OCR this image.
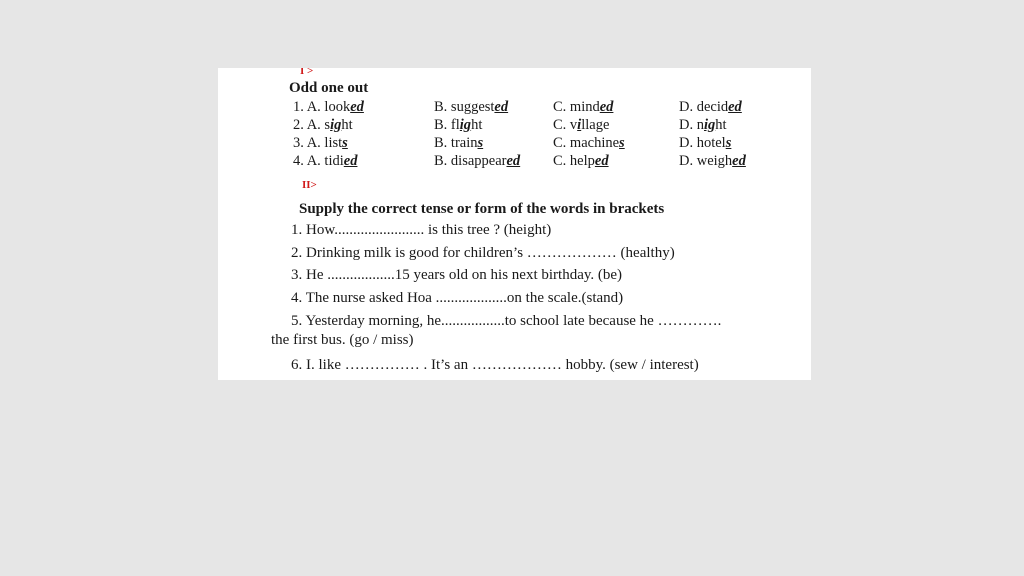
I >
Odd one out
1. A. looked	B. suggested	C. minded	D. decided
2. A. sight	B. flight	C. village	D. night
3. A. lists	B. trains	C. machines	D. hotels
4. A. tidied	B. disappeared C. helped	D. weighed
II>
Supply the correct tense or form of the words in brackets
1. How........................ is this tree ? (height)
2. Drinking milk is good for children’s ……………… (healthy)
3. He ..................15 years old on his next birthday. (be)
4. The nurse asked Hoa ...................on the scale.(stand)
5. Yesterday morning, he.................to school late because he ………….
the first bus. (go / miss)
6. I. like …………… . It’s an ……………… hobby. (sew / interest)
